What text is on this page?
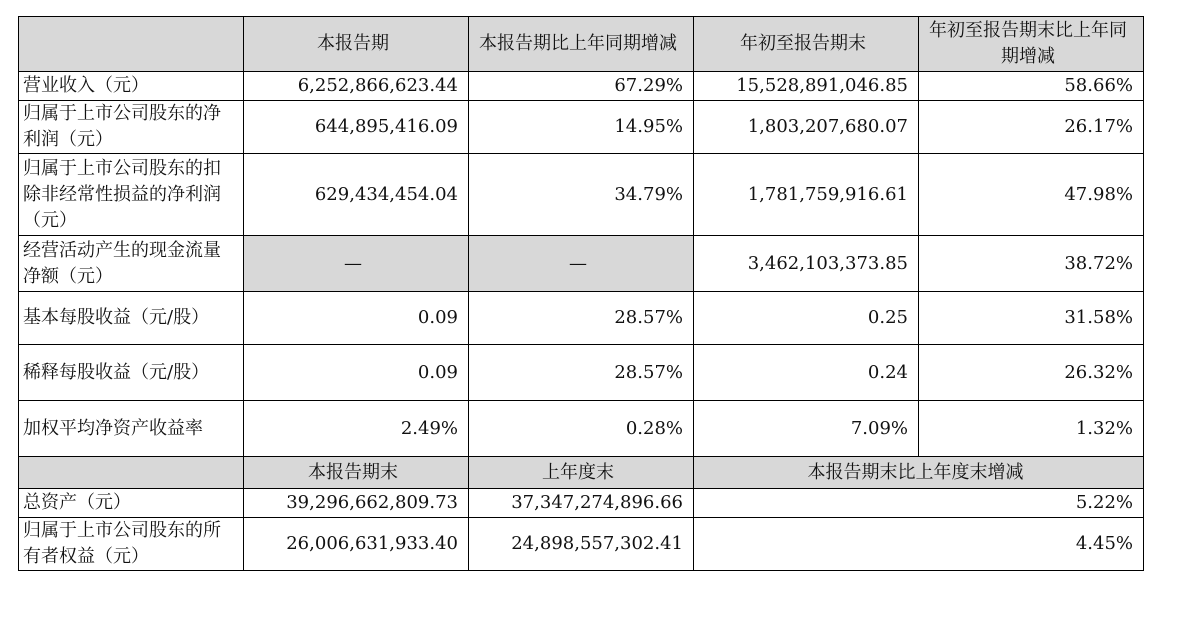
	本报告期	本报告期比上年同期增减	年初至报告期末	年初至报告期末比上年同期增减
营业收入（元）	6,252,866,623.44	67.29%	15,528,891,046.85	58.66%
归属于上市公司股东的净利润（元）	644,895,416.09	14.95%	1,803,207,680.07	26.17%
归属于上市公司股东的扣除非经常性损益的净利润（元）	629,434,454.04	34.79%	1,781,759,916.61	47.98%
经营活动产生的现金流量净额（元）	—	—	3,462,103,373.85	38.72%
基本每股收益（元/股）	0.09	28.57%	0.25	31.58%
稀释每股收益（元/股）	0.09	28.57%	0.24	26.32%
加权平均净资产收益率	2.49%	0.28%	7.09%	1.32%
	本报告期末	上年度末	本报告期末比上年度末增减	
总资产（元）	39,296,662,809.73	37,347,274,896.66	5.22%	
归属于上市公司股东的所有者权益（元）	26,006,631,933.40	24,898,557,302.41	4.45%	
